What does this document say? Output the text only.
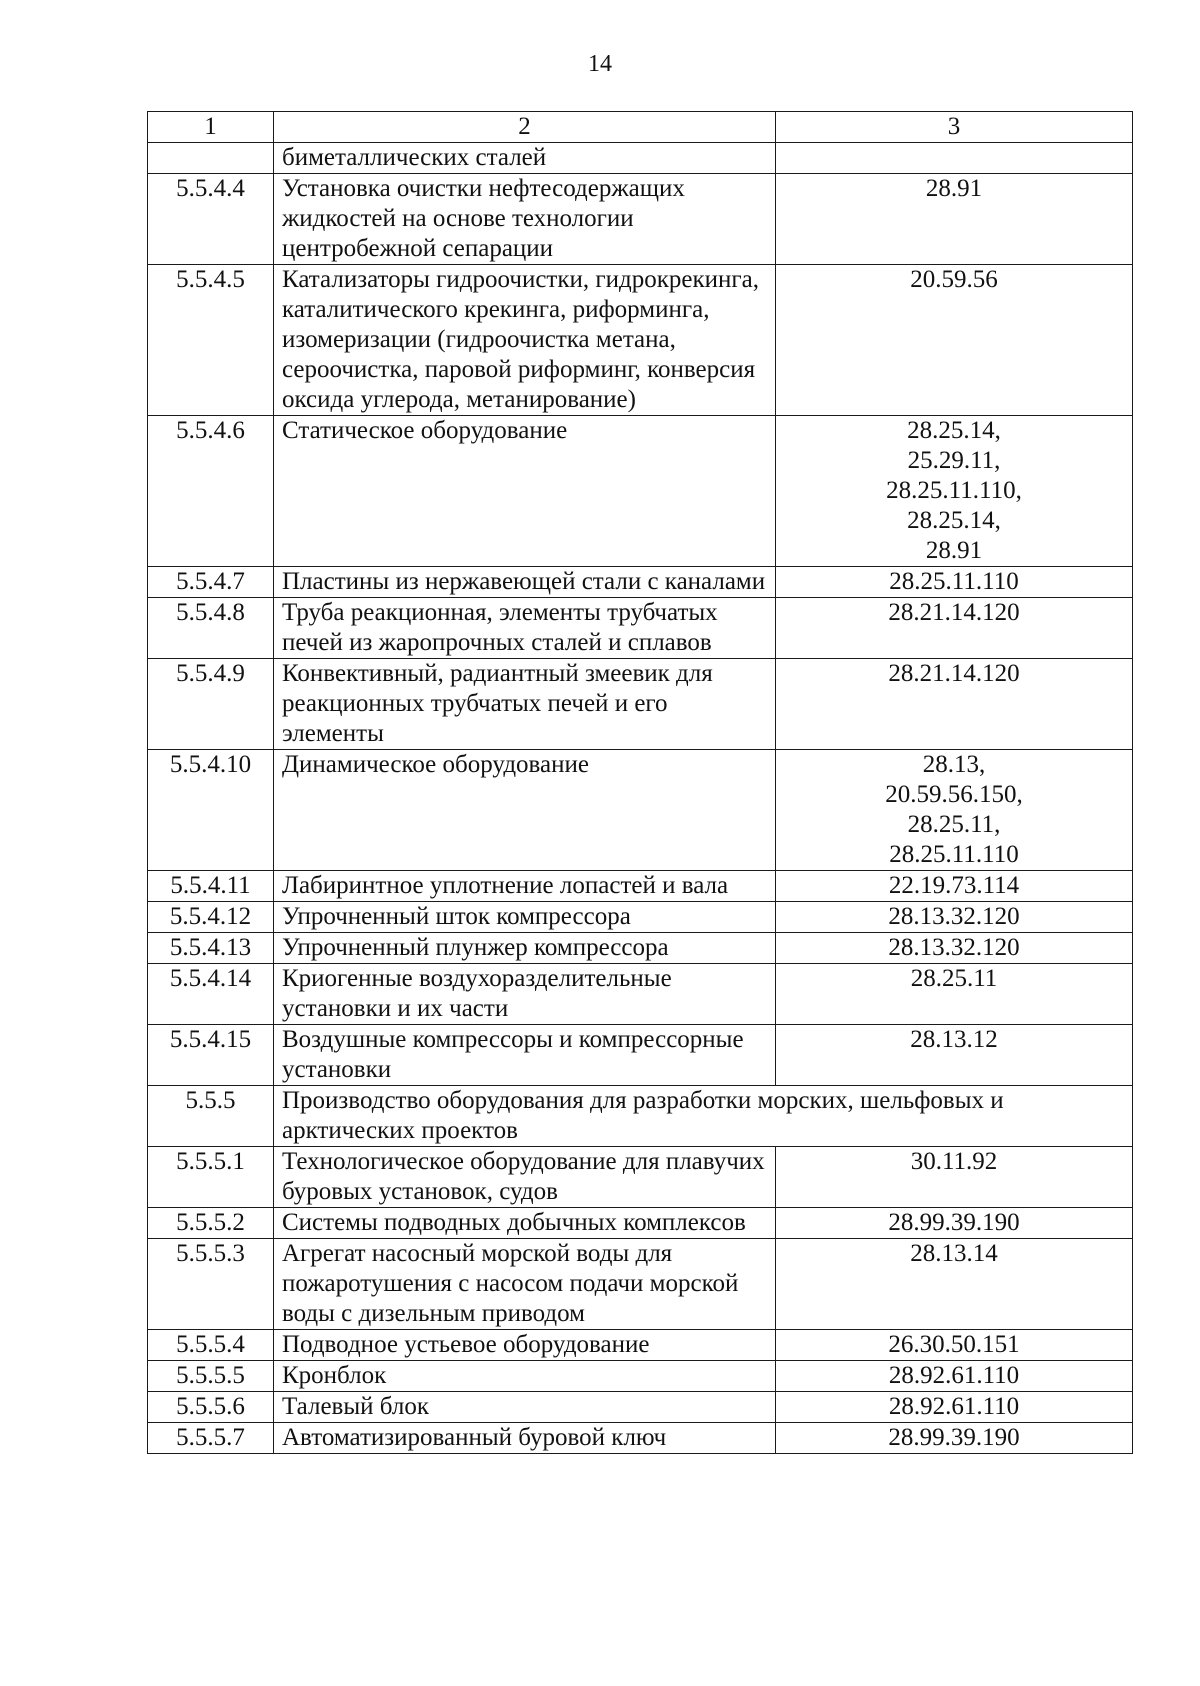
14
1	2	3
	биметаллических сталей	
5.5.4.4	Установка очистки нефтесодержащих жидкостей на основе технологии центробежной сепарации	28.91

5.5.4.5	Катализаторы гидроочистки, гидрокрекинга, каталитического крекинга, риформинга, изомеризации (гидроочистка метана, сероочистка, паровой риформинг, конверсия оксида углерода, метанирование)	20.59.56

5.5.4.6	Статическое оборудование	28.25.14,
25.29.11,
28.25.11.110,
28.25.14,
28.91

5.5.4.7	Пластины из нержавеющей стали с каналами	28.25.11.110

5.5.4.8	Труба реакционная, элементы трубчатых печей из жаропрочных сталей и сплавов	28.21.14.120

5.5.4.9	Конвективный, радиантный змеевик для реакционных трубчатых печей и его элементы	28.21.14.120

5.5.4.10	Динамическое оборудование	28.13,
20.59.56.150,
28.25.11,
28.25.11.110

5.5.4.11	Лабиринтное уплотнение лопастей и вала	22.19.73.114

5.5.4.12	Упрочненный шток компрессора	28.13.32.120

5.5.4.13	Упрочненный плунжер компрессора	28.13.32.120

5.5.4.14	Криогенные воздухоразделительные установки и их части	28.25.11

5.5.4.15	Воздушные компрессоры и компрессорные установки	28.13.12

5.5.5	Производство оборудования для разработки морских, шельфовых и арктических проектов	
5.5.5.1	Технологическое оборудование для плавучих буровых установок, судов	30.11.92

5.5.5.2	Системы подводных добычных комплексов	28.99.39.190

5.5.5.3	Агрегат насосный морской воды для пожаротушения с насосом подачи морской воды с дизельным приводом	28.13.14

5.5.5.4	Подводное устьевое оборудование	26.30.50.151

5.5.5.5	Кронблок	28.92.61.110

5.5.5.6	Талевый блок	28.92.61.110

5.5.5.7	Автоматизированный буровой ключ	28.99.39.190
